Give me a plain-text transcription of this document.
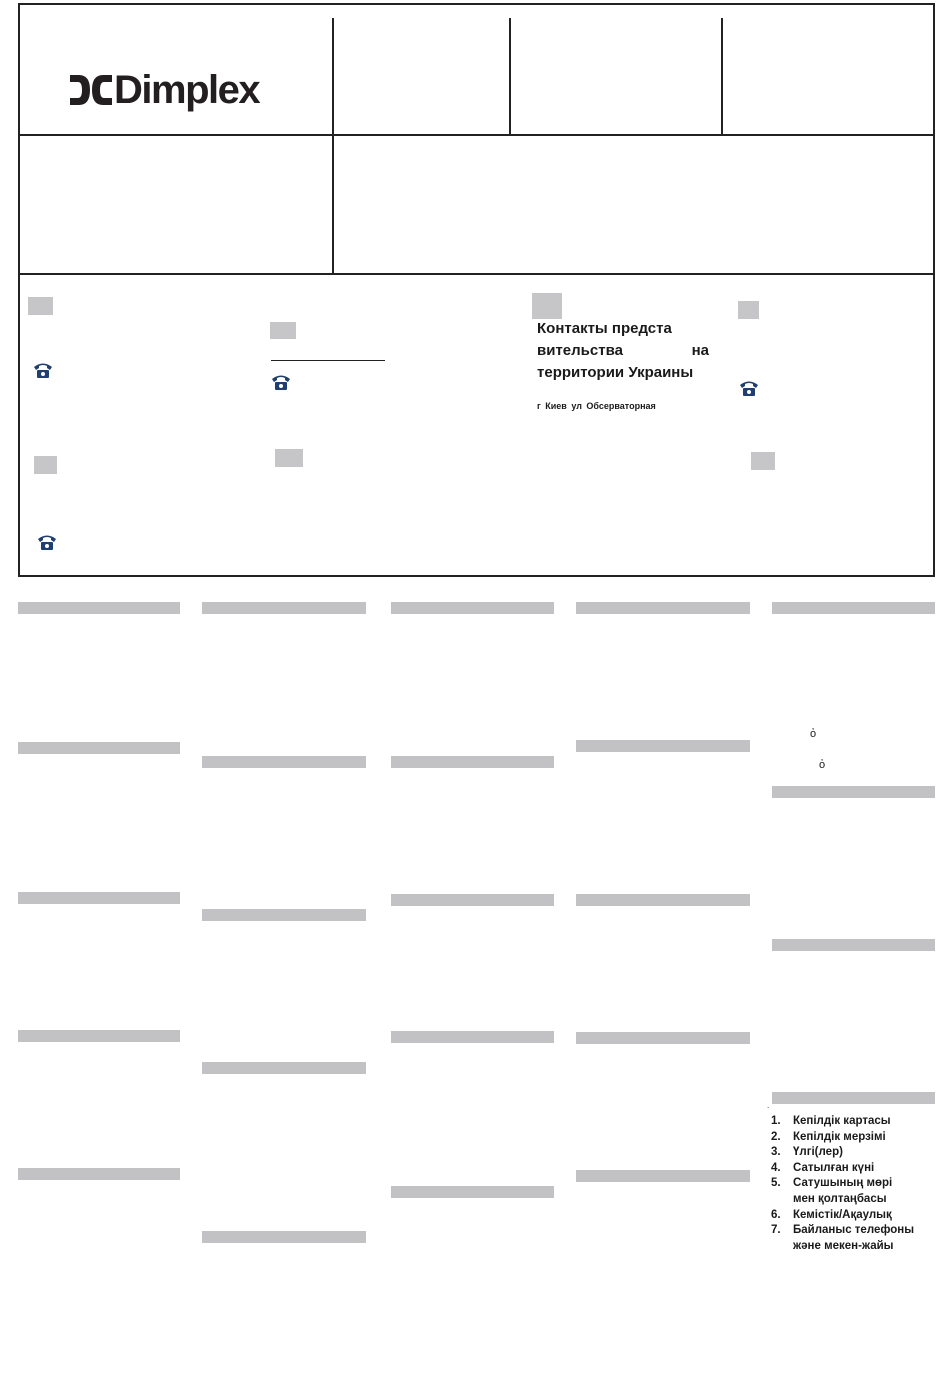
Dimplex
Контакты предста
вительства	на
территории Украины
г Киев ул Обсерваторная
ὀ
ὀ
.
1.	Кепілдік картасы
2.	Кепілдік мерзімі
3.	Үлгі(лер)
4.	Сатылған күні
5.	Сатушының мөрі
мен қолтаңбасы
6.	Кемістік/Ақаулық
7.	Байланыс телефоны
және мекен-жайы
